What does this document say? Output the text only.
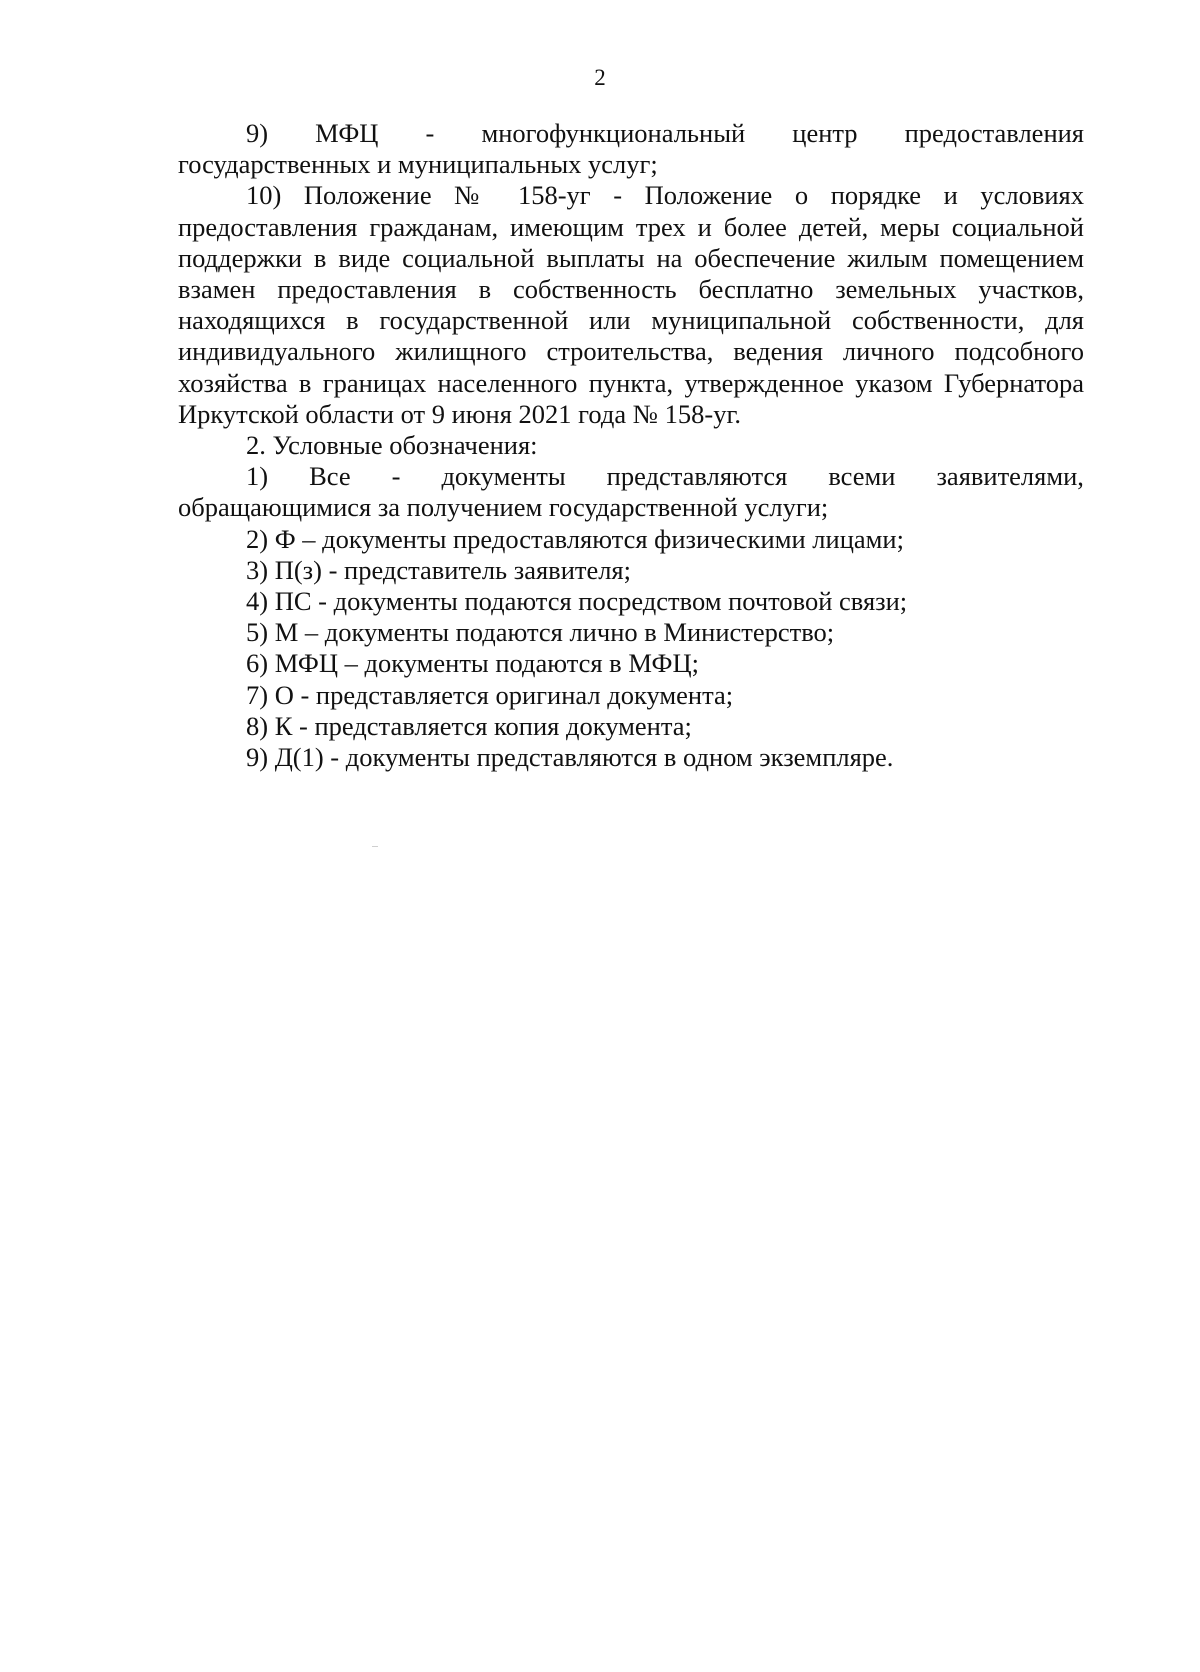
2
9) МФЦ - многофункциональный центр предоставления

государственных и муниципальных услуг;

10) Положение № 158-уг - Положение о порядке и условиях предоставления гражданам, имеющим трех и более детей, меры социальной поддержки в виде социальной выплаты на обеспечение жилым помещением взамен предоставления в собственность бесплатно земельных участков, находящихся в государственной или муниципальной собственности, для индивидуального жилищного строительства, ведения личного подсобного хозяйства в границах населенного пункта, утвержденное указом Губернатора Иркутской области от 9 июня 2021 года № 158-уг.

2. Условные обозначения:

1) Все - документы представляются всеми заявителями,

обращающимися за получением государственной услуги;

2) Ф – документы предоставляются физическими лицами;

3) П(з) - представитель заявителя;

4) ПС - документы подаются посредством почтовой связи;

5) М – документы подаются лично в Министерство;

6) МФЦ – документы подаются в МФЦ;

7) О - представляется оригинал документа;

8) К - представляется копия документа;

9) Д(1) - документы представляются в одном экземпляре.
